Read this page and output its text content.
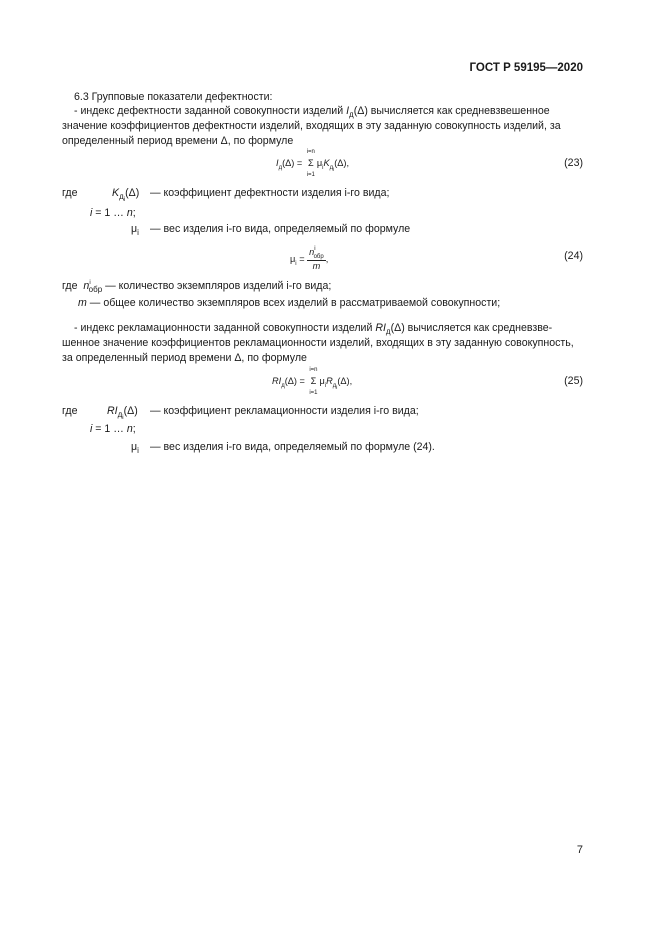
ГОСТ Р 59195—2020
6.3 Групповые показатели дефектности:
- индекс дефектности заданной совокупности изделий $I_д(\Delta)$ вычисляется как средневзвешенное
значение коэффициентов дефектности изделий, входящих в эту заданную совокупность изделий, за
определенный период времени Δ, по формуле
$I_д(\Delta)$ =
i=n
Σ
i=1
$\mu_iK_{дi}(\Delta)$,	(23)
где	$K_{дi}(\Delta)$ — коэффициент дефектности изделия i-го вида;
i = 1 … n;
$\mu_i$ — вес изделия i-го вида, определяемый по формуле
$\mu_i = \frac{n^i_{обр}}{m}$ ,	(24)
где $n^i_{обр}$ — количество экземпляров изделий i-го вида;
m — общее количество экземпляров всех изделий в рассматриваемой совокупности;
- индекс рекламационности заданной совокупности изделий $RI_д(\Delta)$ вычисляется как средневзве-
шенное значение коэффициентов рекламационности изделий, входящих в эту заданную совокупность,
за определенный период времени Δ, по формуле
$RI_д(\Delta)$ =
i=n
Σ
i=1
$\mu_iR_{дi}(\Delta)$,	(25)
где	$RI_{дi}(\Delta)$ — коэффициент рекламационности изделия i-го вида;
i = 1 … n;
$\mu_i$ — вес изделия i-го вида, определяемый по формуле (24).
7
